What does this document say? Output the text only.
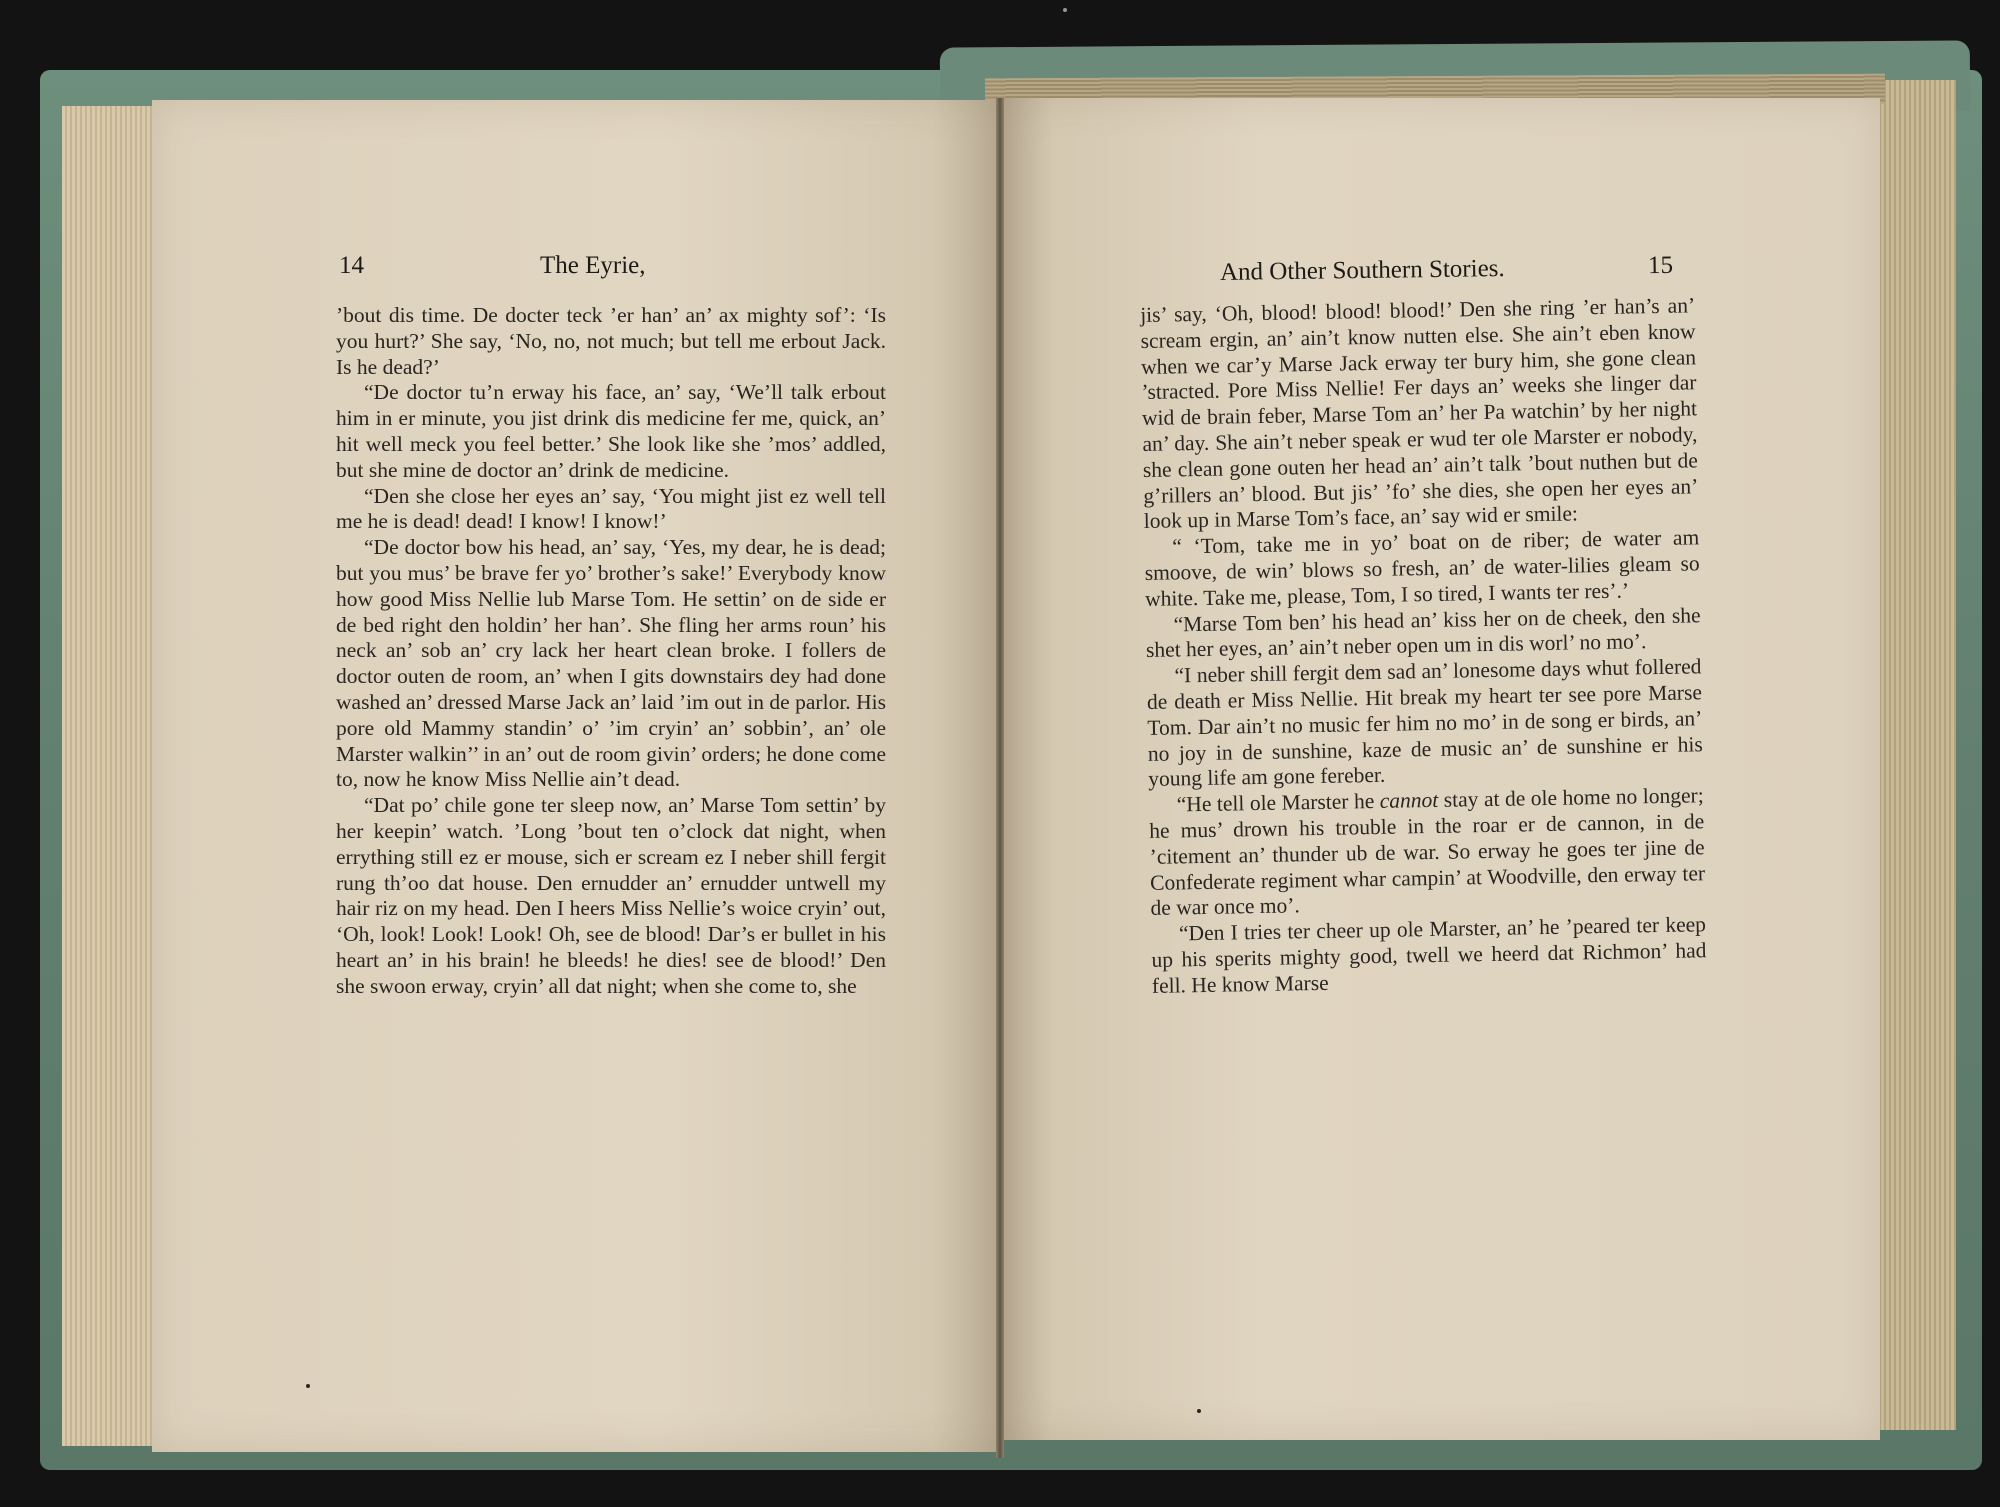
14	The Eyrie,	And Other Southern Stories.	15

’bout dis time. De docter teck ’er han’ an’ ax mighty sof’: ‘Is you hurt?’ She say, ‘No, no, not much; but tell me erbout Jack. Is he dead?’

“De doctor tu’n erway his face, an’ say, ‘We’ll talk erbout him in er minute, you jist drink dis medicine fer me, quick, an’ hit well meck you feel better.’ She look like she ’mos’ addled, but she mine de doctor an’ drink de medicine.

“Den she close her eyes an’ say, ‘You might jist ez well tell me he is dead! dead! I know! I know!’

“De doctor bow his head, an’ say, ‘Yes, my dear, he is dead; but you mus’ be brave fer yo’ brother’s sake!’ Everybody know how good Miss Nellie lub Marse Tom. He settin’ on de side er de bed right den holdin’ her han’. She fling her arms roun’ his neck an’ sob an’ cry lack her heart clean broke. I follers de doctor outen de room, an’ when I gits downstairs dey had done washed an’ dressed Marse Jack an’ laid ’im out in de parlor. His pore old Mammy standin’ o’ ’im cryin’ an’ sobbin’, an’ ole Marster walkin’’ in an’ out de room givin’ orders; he done come to, now he know Miss Nellie ain’t dead.

“Dat po’ chile gone ter sleep now, an’ Marse Tom settin’ by her keepin’ watch. ’Long ’bout ten o’clock dat night, when errything still ez er mouse, sich er scream ez I neber shill fergit rung th’oo dat house. Den ernudder an’ ernudder untwell my hair riz on my head. Den I heers Miss Nellie’s woice cryin’ out, ‘Oh, look! Look! Look! Oh, see de blood! Dar’s er bullet in his heart an’ in his brain! he bleeds! he dies! see de blood!’ Den she swoon erway, cryin’ all dat night; when she come to, she

jis’ say, ‘Oh, blood! blood! blood!’ Den she ring ’er han’s an’ scream ergin, an’ ain’t know nutten else. She ain’t eben know when we car’y Marse Jack erway ter bury him, she gone clean ’stracted. Pore Miss Nellie! Fer days an’ weeks she linger dar wid de brain feber, Marse Tom an’ her Pa watchin’ by her night an’ day. She ain’t neber speak er wud ter ole Marster er nobody, she clean gone outen her head an’ ain’t talk ’bout nuthen but de g’rillers an’ blood. But jis’ ’fo’ she dies, she open her eyes an’ look up in Marse Tom’s face, an’ say wid er smile:

“ ‘Tom, take me in yo’ boat on de riber; de water am smoove, de win’ blows so fresh, an’ de water-lilies gleam so white. Take me, please, Tom, I so tired, I wants ter res’.’

“Marse Tom ben’ his head an’ kiss her on de cheek, den she shet her eyes, an’ ain’t neber open um in dis worl’ no mo’.

“I neber shill fergit dem sad an’ lonesome days whut follered de death er Miss Nellie. Hit break my heart ter see pore Marse Tom. Dar ain’t no music fer him no mo’ in de song er birds, an’ no joy in de sunshine, kaze de music an’ de sunshine er his young life am gone fereber.

“He tell ole Marster he cannot stay at de ole home no longer; he mus’ drown his trouble in the roar er de cannon, in de ’citement an’ thunder ub de war. So erway he goes ter jine de Confederate regiment whar campin’ at Woodville, den erway ter de war once mo’.

“Den I tries ter cheer up ole Marster, an’ he ’peared ter keep up his sperits mighty good, twell we heerd dat Richmon’ had fell. He know Marse
